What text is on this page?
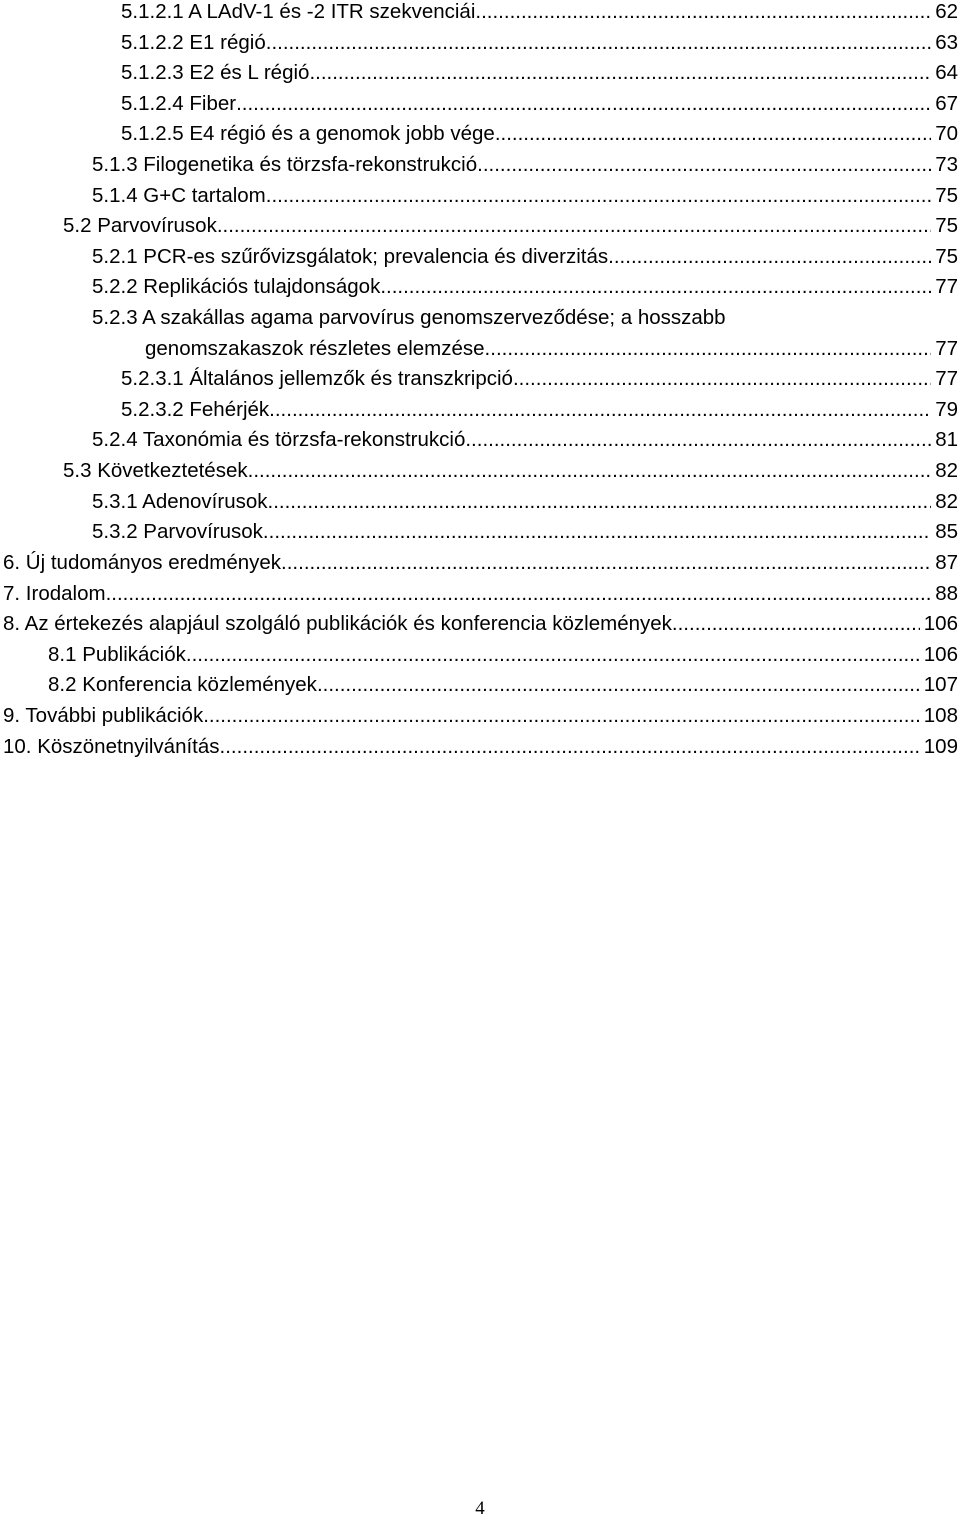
5.1.2.1 A LAdV-1 és -2 ITR szekvenciái .....	62
5.1.2.2 E1 régió .....	63
5.1.2.3 E2 és L régió .....	64
5.1.2.4 Fiber .....	67
5.1.2.5 E4 régió és a genomok jobb vége .....	70
5.1.3 Filogenetika és törzsfa-rekonstrukció .....	73
5.1.4 G+C tartalom .....	75
5.2 Parvovírusok .....	75
5.2.1 PCR-es szűrővizsgálatok; prevalencia és diverzitás .....	75
5.2.2 Replikációs tulajdonságok .....	77
5.2.3 A szakállas agama parvovírus genomszerveződése; a hosszabb
genomszakaszok részletes elemzése .....	77
5.2.3.1 Általános jellemzők és transzkripció .....	77
5.2.3.2 Fehérjék .....	79
5.2.4 Taxonómia és törzsfa-rekonstrukció .....	81
5.3 Következtetések .....	82
5.3.1 Adenovírusok .....	82
5.3.2 Parvovírusok .....	85
6. Új tudományos eredmények .....	87
7. Irodalom .....	88
8. Az értekezés alapjául szolgáló publikációk és konferencia közlemények .....	106
8.1 Publikációk .....	106
8.2 Konferencia közlemények .....	107
9. További publikációk .....	108
10. Köszönetnyilvánítás .....	109
4
